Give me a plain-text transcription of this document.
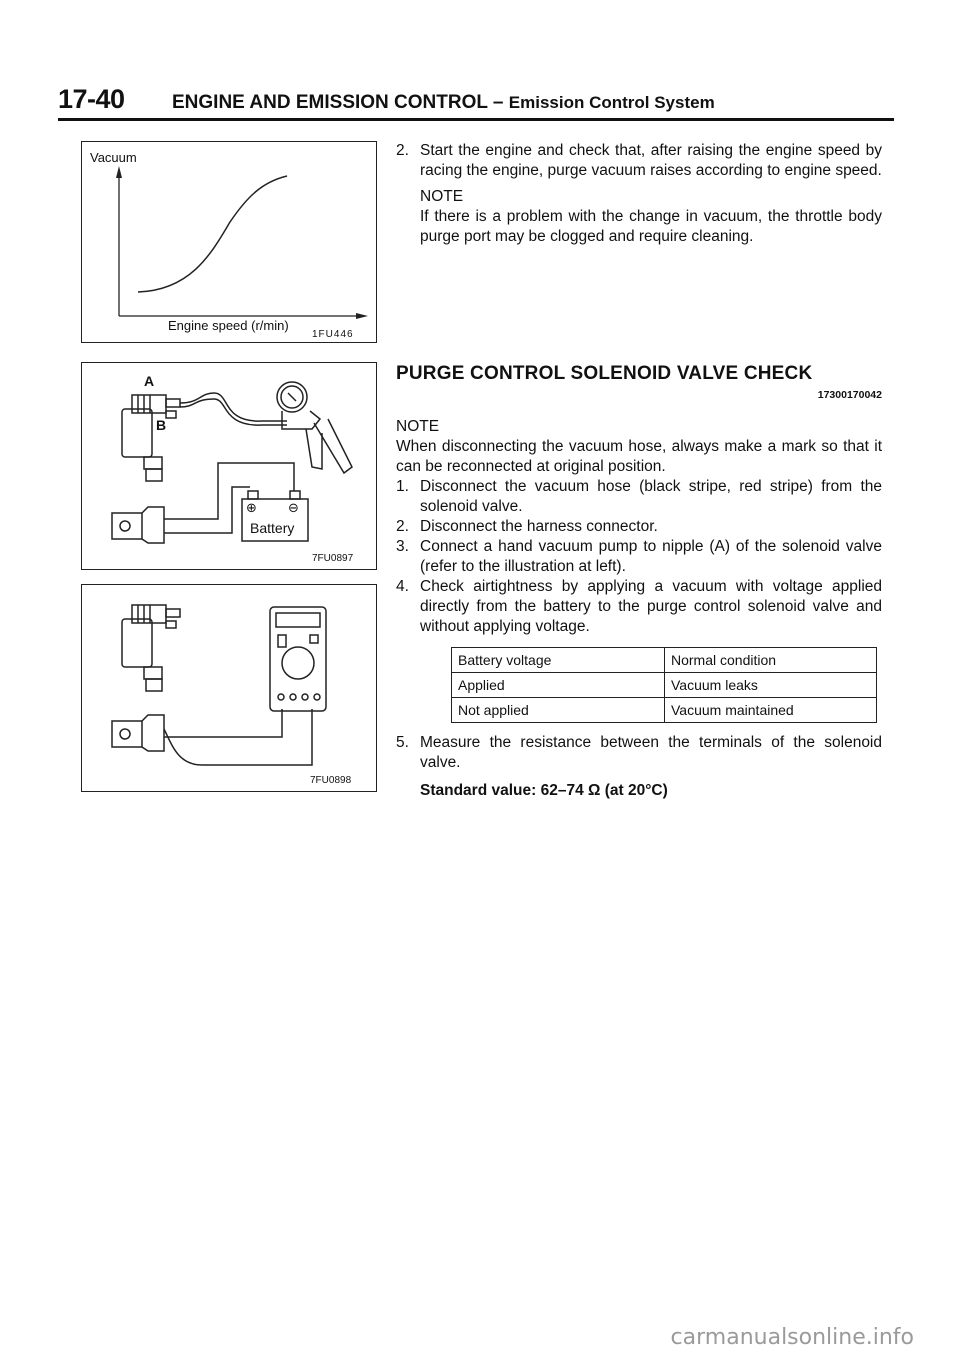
17-40 ENGINE AND EMISSION CONTROL – Emission Control System
Vacuum
Engine speed (r/min)
1FU446
A
B
⊕ ⊖
Battery
7FU0897
7FU0898
2. Start the engine and check that, after raising the engine speed by racing the engine, purge vacuum raises according to engine speed.
NOTE
If there is a problem with the change in vacuum, the throttle body purge port may be clogged and require cleaning.
PURGE CONTROL SOLENOID VALVE CHECK
17300170042
NOTE
When disconnecting the vacuum hose, always make a mark so that it can be reconnected at original position.
1. Disconnect the vacuum hose (black stripe, red stripe) from the solenoid valve.
2. Disconnect the harness connector.
3. Connect a hand vacuum pump to nipple (A) of the solenoid valve (refer to the illustration at left).
4. Check airtightness by applying a vacuum with voltage applied directly from the battery to the purge control solenoid valve and without applying voltage.
Battery voltage	Normal condition
Applied	Vacuum leaks
Not applied	Vacuum maintained
5. Measure the resistance between the terminals of the solenoid valve.
Standard value: 62–74 Ω (at 20°C)
carmanualsonline.info
